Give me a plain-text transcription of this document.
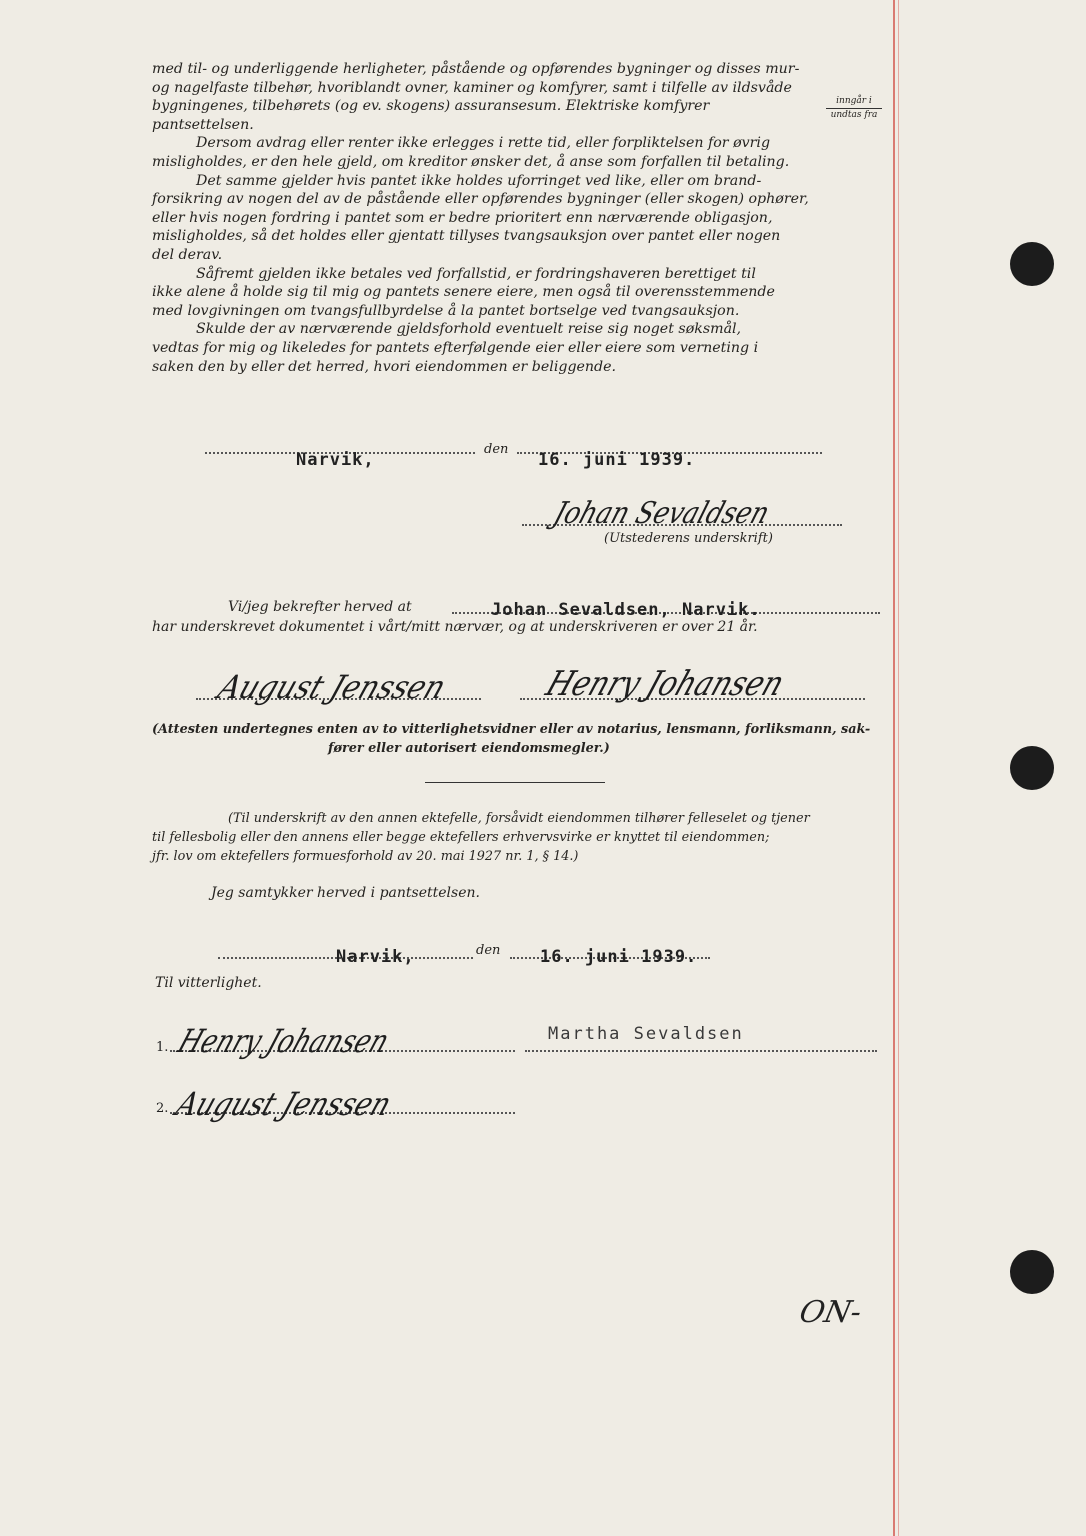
med til- og underliggende herligheter, påstående og opførendes bygninger og disses mur-
og nagelfaste tilbehør, hvoriblandt ovner, kaminer og komfyrer, samt i tilfelle av ildsvåde
bygningenes, tilbehørets (og ev. skogens) assuransesum. Elektriske komfyrer
pantsettelsen.
Dersom avdrag eller renter ikke erlegges i rette tid, eller forpliktelsen for øvrig
misligholdes, er den hele gjeld, om kreditor ønsker det, å anse som forfallen til betaling.
Det samme gjelder hvis pantet ikke holdes uforringet ved like, eller om brand-
forsikring av nogen del av de påstående eller opførendes bygninger (eller skogen) ophører,
eller hvis nogen fordring i pantet som er bedre prioritert enn nærværende obligasjon,
misligholdes, så det holdes eller gjentatt tillyses tvangsauksjon over pantet eller nogen
del derav.
Såfremt gjelden ikke betales ved forfallstid, er fordringshaveren berettiget til
ikke alene å holde sig til mig og pantets senere eiere, men også til overensstemmende
med lovgivningen om tvangsfullbyrdelse å la pantet bortselge ved tvangsauksjon.
Skulde der av nærværende gjeldsforhold eventuelt reise sig noget søksmål,
vedtas for mig og likeledes for pantets efterfølgende eier eller eiere som verneting i
saken den by eller det herred, hvori eiendommen er beliggende.
inngår i
undtas fra
Narvik,
den
16. juni 1939.
Johan Sevaldsen
(Utstederens underskrift)
Vi/jeg bekrefter herved at	Johan Sevaldsen, Narvik.
har underskrevet dokumentet i vårt/mitt nærvær, og at underskriveren er over 21 år.
August Jenssen	Henry Johansen
(Attesten undertegnes enten av to vitterlighetsvidner eller av notarius, lensmann, forliksmann, sak-
fører eller autorisert eiendomsmegler.)
(Til underskrift av den annen ektefelle, forsåvidt eiendommen tilhører felleselet og tjener
til fellesbolig eller den annens eller begge ektefellers erhvervsvirke er knyttet til eiendommen;
jfr. lov om ektefellers formuesforhold av 20. mai 1927 nr. 1, § 14.)
Jeg samtykker herved i pantsettelsen.
Narvik,	den 16. juni 1939.
Til vitterlighet.
1. Henry Johansen	Martha Sevaldsen
2. August Jenssen
ON-
